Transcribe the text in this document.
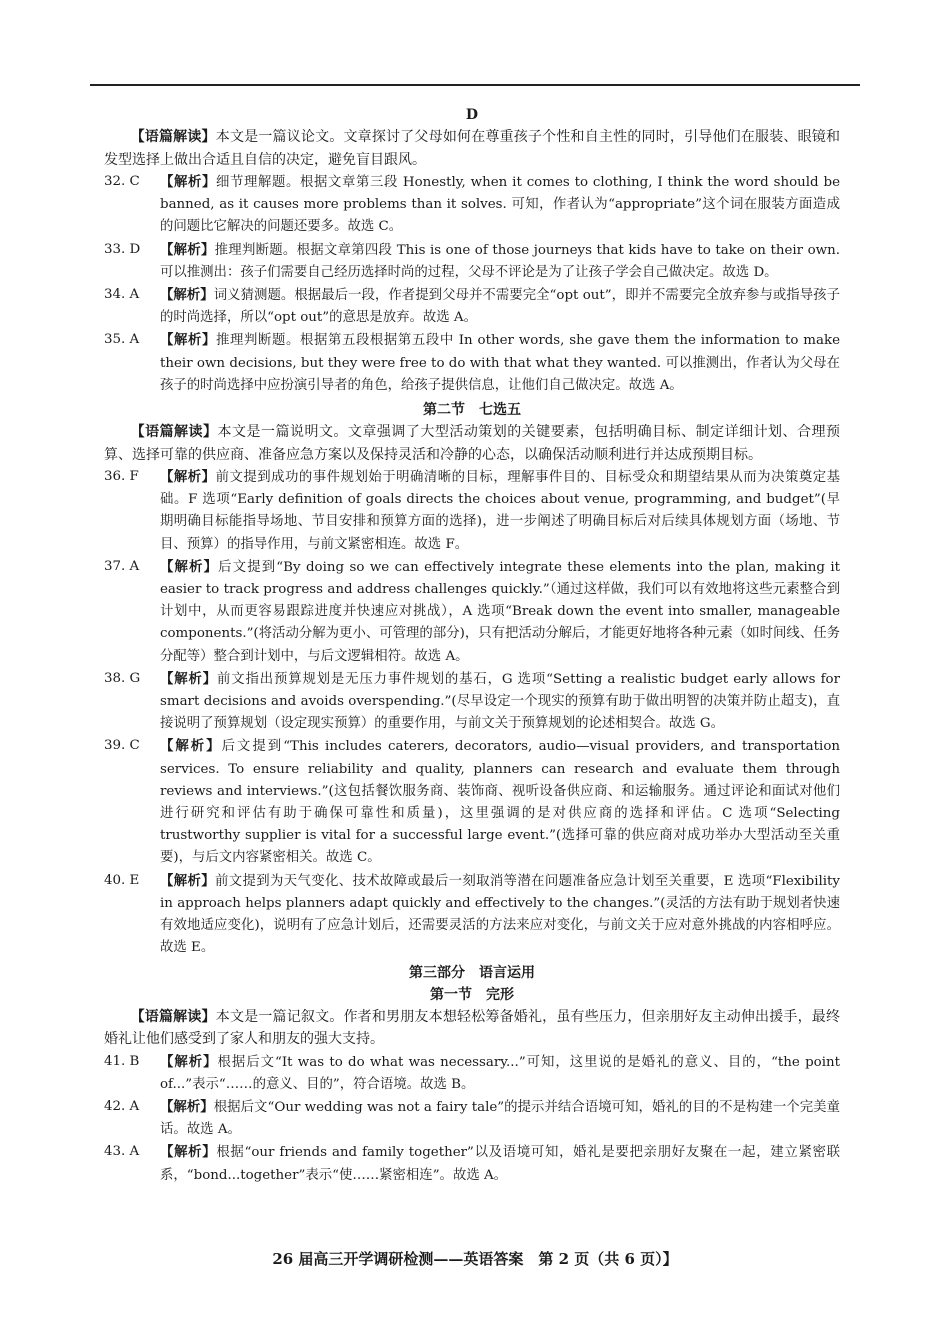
D

【语篇解读】本文是一篇议论文。文章探讨了父母如何在尊重孩子个性和自主性的同时，引导他们在服装、眼镜和发型选择上做出合适且自信的决定，避免盲目跟风。

32. C	【解析】细节理解题。根据文章第三段 Honestly, when it comes to clothing, I think the word should be banned, as it causes more problems than it solves. 可知，作者认为“appropriate”这个词在服装方面造成的问题比它解决的问题还要多。故选 C。
33. D	【解析】推理判断题。根据文章第四段 This is one of those journeys that kids have to take on their own. 可以推测出：孩子们需要自己经历选择时尚的过程，父母不评论是为了让孩子学会自己做决定。故选 D。
34. A	【解析】词义猜测题。根据最后一段，作者提到父母并不需要完全“opt out”，即并不需要完全放弃参与或指导孩子的时尚选择，所以“opt out”的意思是放弃。故选 A。
35. A	【解析】推理判断题。根据第五段根据第五段中 In other words, she gave them the information to make their own decisions, but they were free to do with that what they wanted. 可以推测出，作者认为父母在孩子的时尚选择中应扮演引导者的角色，给孩子提供信息，让他们自己做决定。故选 A。

第二节　七选五

【语篇解读】本文是一篇说明文。文章强调了大型活动策划的关键要素，包括明确目标、制定详细计划、合理预算、选择可靠的供应商、准备应急方案以及保持灵活和冷静的心态，以确保活动顺利进行并达成预期目标。

36. F	【解析】前文提到成功的事件规划始于明确清晰的目标，理解事件目的、目标受众和期望结果从而为决策奠定基础。F 选项“Early definition of goals directs the choices about venue, programming, and budget”(早期明确目标能指导场地、节目安排和预算方面的选择)，进一步阐述了明确目标后对后续具体规划方面（场地、节目、预算）的指导作用，与前文紧密相连。故选 F。
37. A	【解析】后文提到“By doing so we can effectively integrate these elements into the plan, making it easier to track progress and address challenges quickly.”（通过这样做，我们可以有效地将这些元素整合到计划中，从而更容易跟踪进度并快速应对挑战），A 选项“Break down the event into smaller, manageable components.”(将活动分解为更小、可管理的部分)，只有把活动分解后，才能更好地将各种元素（如时间线、任务分配等）整合到计划中，与后文逻辑相符。故选 A。
38. G	【解析】前文指出预算规划是无压力事件规划的基石，G 选项“Setting a realistic budget early allows for smart decisions and avoids overspending.”(尽早设定一个现实的预算有助于做出明智的决策并防止超支)，直接说明了预算规划（设定现实预算）的重要作用，与前文关于预算规划的论述相契合。故选 G。
39. C	【解析】后文提到“This includes caterers, decorators, audio—visual providers, and transportation services. To ensure reliability and quality, planners can research and evaluate them through reviews and interviews.”(这包括餐饮服务商、装饰商、视听设备供应商、和运输服务。通过评论和面试对他们进行研究和评估有助于确保可靠性和质量)，这里强调的是对供应商的选择和评估。C 选项“Selecting trustworthy supplier is vital for a successful large event.”(选择可靠的供应商对成功举办大型活动至关重要)，与后文内容紧密相关。故选 C。
40. E	【解析】前文提到为天气变化、技术故障或最后一刻取消等潜在问题准备应急计划至关重要，E 选项“Flexibility in approach helps planners adapt quickly and effectively to the changes.”(灵活的方法有助于规划者快速有效地适应变化)，说明有了应急计划后，还需要灵活的方法来应对变化，与前文关于应对意外挑战的内容相呼应。故选 E。

第三部分　语言运用

第一节　完形

【语篇解读】本文是一篇记叙文。作者和男朋友本想轻松筹备婚礼，虽有些压力，但亲朋好友主动伸出援手，最终婚礼让他们感受到了家人和朋友的强大支持。

41. B	【解析】根据后文“It was to do what was necessary...”可知，这里说的是婚礼的意义、目的，“the point of...”表示“……的意义、目的”，符合语境。故选 B。
42. A	【解析】根据后文“Our wedding was not a fairy tale”的提示并结合语境可知，婚礼的目的不是构建一个完美童话。故选 A。
43. A	【解析】根据“our friends and family together”以及语境可知，婚礼是要把亲朋好友聚在一起，建立紧密联系，“bond...together”表示“使……紧密相连”。故选 A。
26 届高三开学调研检测——英语答案　第 2 页（共 6 页）】
